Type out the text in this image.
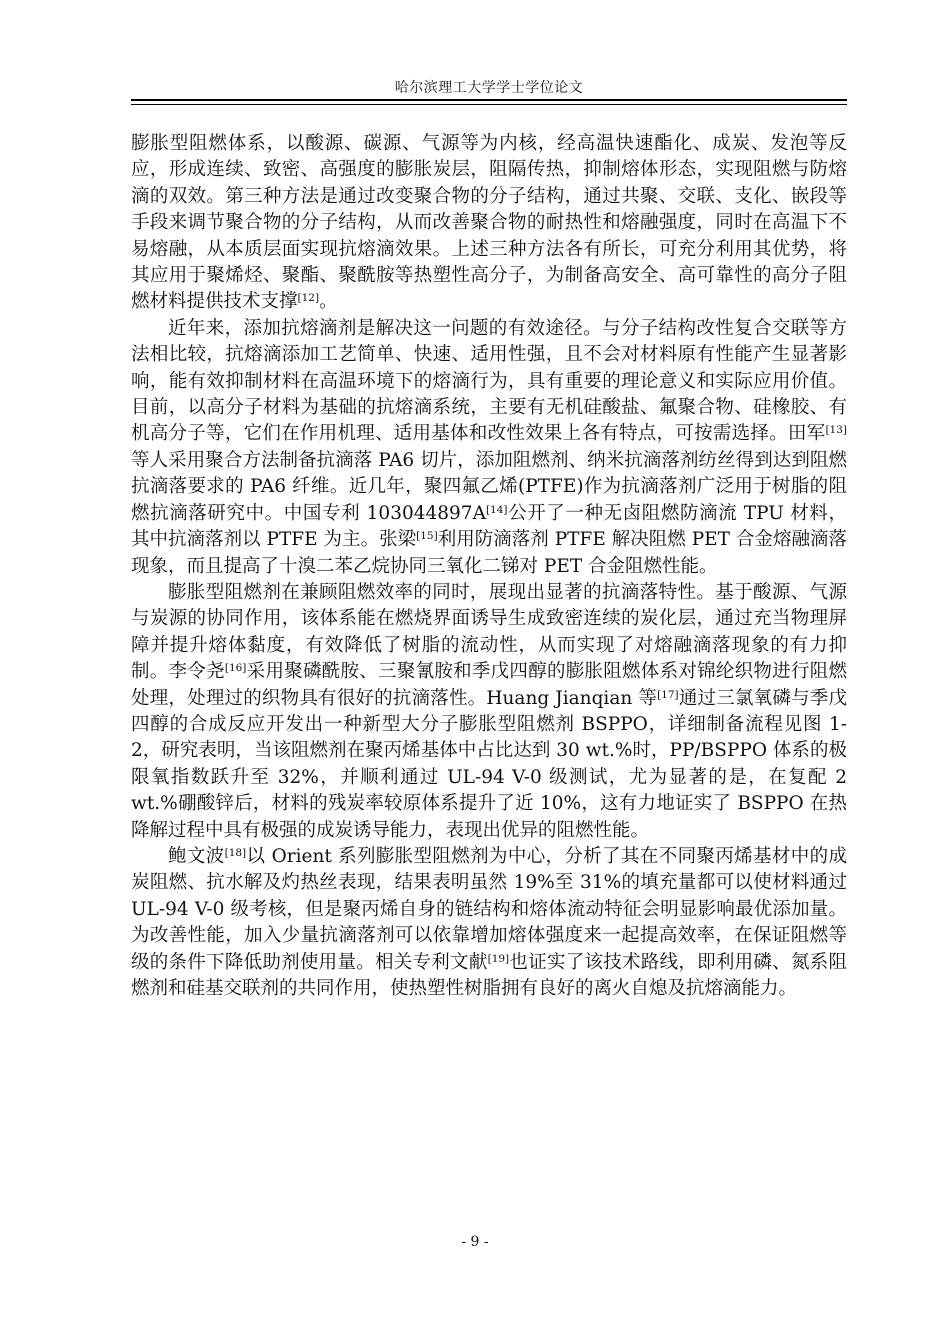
哈尔滨理工大学学士学位论文

膨胀型阻燃体系，以酸源、碳源、气源等为内核，经高温快速酯化、成炭、发泡等反应，形成连续、致密、高强度的膨胀炭层，阻隔传热，抑制熔体形态，实现阻燃与防熔滴的双效。第三种方法是通过改变聚合物的分子结构，通过共聚、交联、支化、嵌段等手段来调节聚合物的分子结构，从而改善聚合物的耐热性和熔融强度，同时在高温下不易熔融，从本质层面实现抗熔滴效果。上述三种方法各有所长，可充分利用其优势，将其应用于聚烯烃、聚酯、聚酰胺等热塑性高分子，为制备高安全、高可靠性的高分子阻燃材料提供技术支撑[12]。

近年来，添加抗熔滴剂是解决这一问题的有效途径。与分子结构改性复合交联等方法相比较，抗熔滴添加工艺简单、快速、适用性强，且不会对材料原有性能产生显著影响，能有效抑制材料在高温环境下的熔滴行为，具有重要的理论意义和实际应用价值。目前，以高分子材料为基础的抗熔滴系统，主要有无机硅酸盐、氟聚合物、硅橡胶、有机高分子等，它们在作用机理、适用基体和改性效果上各有特点，可按需选择。田军[13]等人采用聚合方法制备抗滴落 PA6 切片，添加阻燃剂、纳米抗滴落剂纺丝得到达到阻燃抗滴落要求的 PA6 纤维。近几年，聚四氟乙烯(PTFE)作为抗滴落剂广泛用于树脂的阻燃抗滴落研究中。中国专利 103044897A[14]公开了一种无卤阻燃防滴流 TPU 材料，其中抗滴落剂以 PTFE 为主。张梁[15]利用防滴落剂 PTFE 解决阻燃 PET 合金熔融滴落现象，而且提高了十溴二苯乙烷协同三氧化二锑对 PET 合金阻燃性能。

膨胀型阻燃剂在兼顾阻燃效率的同时，展现出显著的抗滴落特性。基于酸源、气源与炭源的协同作用，该体系能在燃烧界面诱导生成致密连续的炭化层，通过充当物理屏障并提升熔体黏度，有效降低了树脂的流动性，从而实现了对熔融滴落现象的有力抑制。李令尧[16]采用聚磷酰胺、三聚氰胺和季戊四醇的膨胀阻燃体系对锦纶织物进行阻燃处理，处理过的织物具有很好的抗滴落性。Huang Jianqian 等[17]通过三氯氧磷与季戊四醇的合成反应开发出一种新型大分子膨胀型阻燃剂 BSPPO，详细制备流程见图 1-2，研究表明，当该阻燃剂在聚丙烯基体中占比达到 30 wt.%时，PP/BSPPO 体系的极限氧指数跃升至 32%，并顺利通过 UL-94 V-0 级测试，尤为显著的是，在复配 2 wt.%硼酸锌后，材料的残炭率较原体系提升了近 10%，这有力地证实了 BSPPO 在热降解过程中具有极强的成炭诱导能力，表现出优异的阻燃性能。

鲍文波[18]以 Orient 系列膨胀型阻燃剂为中心，分析了其在不同聚丙烯基材中的成炭阻燃、抗水解及灼热丝表现，结果表明虽然 19%至 31%的填充量都可以使材料通过 UL-94 V-0 级考核，但是聚丙烯自身的链结构和熔体流动特征会明显影响最优添加量。为改善性能，加入少量抗滴落剂可以依靠增加熔体强度来一起提高效率，在保证阻燃等级的条件下降低助剂使用量。相关专利文献[19]也证实了该技术路线，即利用磷、氮系阻燃剂和硅基交联剂的共同作用，使热塑性树脂拥有良好的离火自熄及抗熔滴能力。

- 9 -
